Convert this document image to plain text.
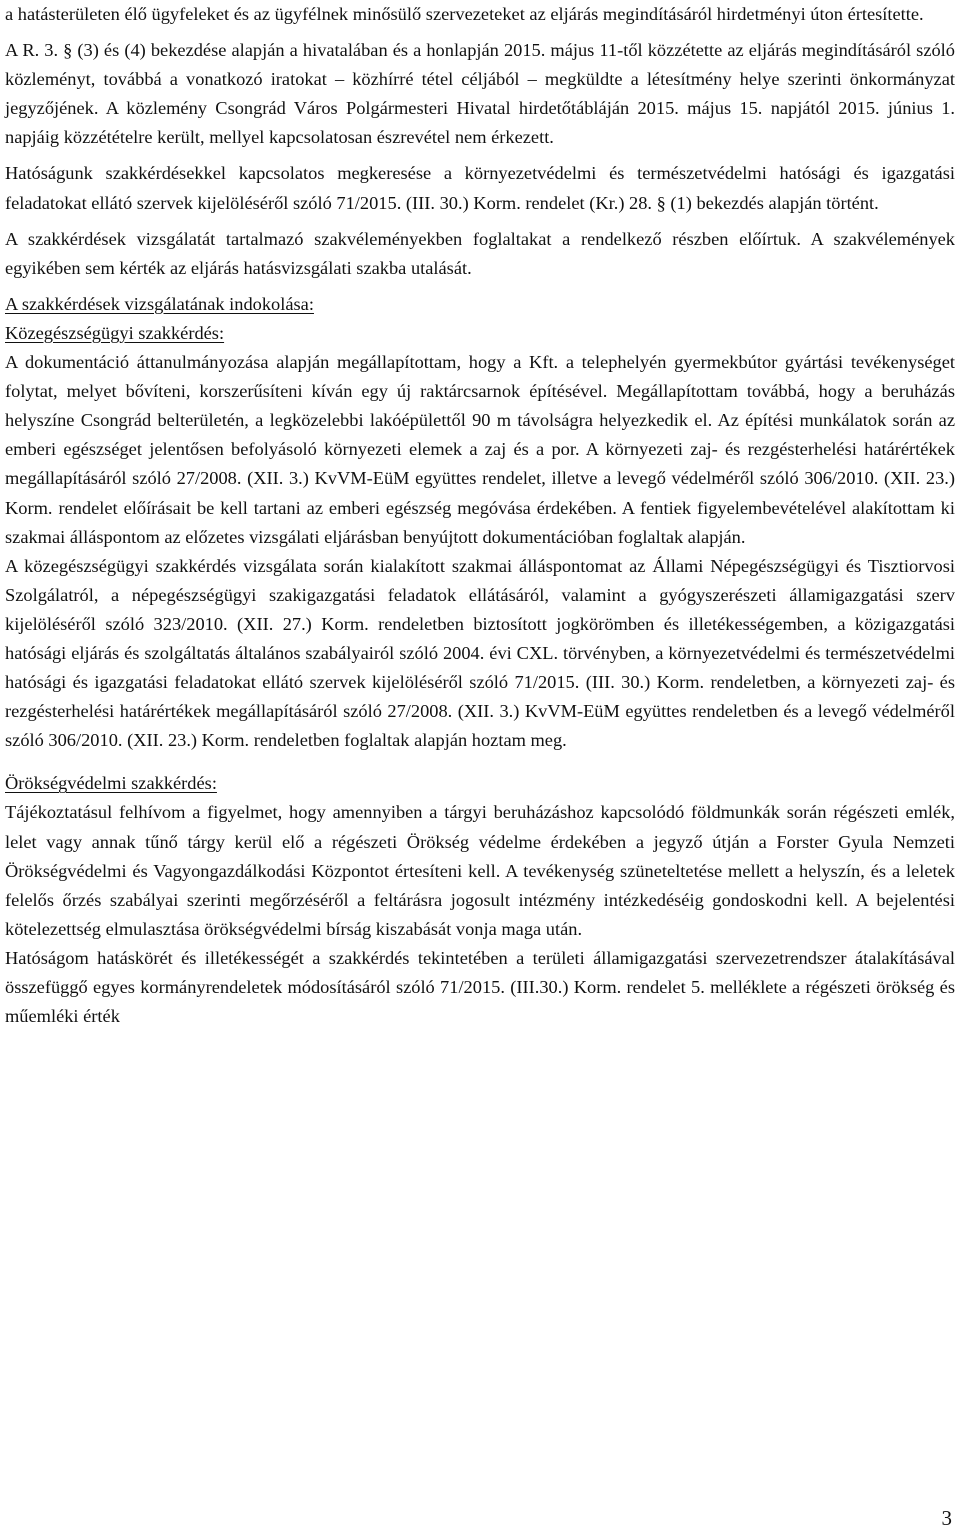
a hatásterületen élő ügyfeleket és az ügyfélnek minősülő szervezeteket az eljárás megindításáról hirdetményi úton értesítette.

A R. 3. § (3) és (4) bekezdése alapján a hivatalában és a honlapján 2015. május 11-től közzétette az eljárás megindításáról szóló közleményt, továbbá a vonatkozó iratokat – közhírré tétel céljából – megküldte a létesítmény helye szerinti önkormányzat jegyzőjének. A közlemény Csongrád Város Polgármesteri Hivatal hirdetőtábláján 2015. május 15. napjától 2015. június 1. napjáig közzétételre került, mellyel kapcsolatosan észrevétel nem érkezett.

Hatóságunk szakkérdésekkel kapcsolatos megkeresése a környezetvédelmi és természetvédelmi hatósági és igazgatási feladatokat ellátó szervek kijelöléséről szóló 71/2015. (III. 30.) Korm. rendelet (Kr.) 28. § (1) bekezdés alapján történt.

A szakkérdések vizsgálatát tartalmazó szakvéleményekben foglaltakat a rendelkező részben előírtuk. A szakvélemények egyikében sem kérték az eljárás hatásvizsgálati szakba utalását.

A szakkérdések vizsgálatának indokolása:

Közegészségügyi szakkérdés:

A dokumentáció áttanulmányozása alapján megállapítottam, hogy a Kft. a telephelyén gyermekbútor gyártási tevékenységet folytat, melyet bővíteni, korszerűsíteni kíván egy új raktárcsarnok építésével. Megállapítottam továbbá, hogy a beruházás helyszíne Csongrád belterületén, a legközelebbi lakóépülettől 90 m távolságra helyezkedik el. Az építési munkálatok során az emberi egészséget jelentősen befolyásoló környezeti elemek a zaj és a por. A környezeti zaj- és rezgésterhelési határértékek megállapításáról szóló 27/2008. (XII. 3.) KvVM-EüM együttes rendelet, illetve a levegő védelméről szóló 306/2010. (XII. 23.) Korm. rendelet előírásait be kell tartani az emberi egészség megóvása érdekében. A fentiek figyelembevételével alakítottam ki szakmai álláspontom az előzetes vizsgálati eljárásban benyújtott dokumentációban foglaltak alapján.

A közegészségügyi szakkérdés vizsgálata során kialakított szakmai álláspontomat az Állami Népegészségügyi és Tisztiorvosi Szolgálatról, a népegészségügyi szakigazgatási feladatok ellátásáról, valamint a gyógyszerészeti államigazgatási szerv kijelöléséről szóló 323/2010. (XII. 27.) Korm. rendeletben biztosított jogkörömben és illetékességemben, a közigazgatási hatósági eljárás és szolgáltatás általános szabályairól szóló 2004. évi CXL. törvényben, a környezetvédelmi és természetvédelmi hatósági és igazgatási feladatokat ellátó szervek kijelöléséről szóló 71/2015. (III. 30.) Korm. rendeletben, a környezeti zaj- és rezgésterhelési határértékek megállapításáról szóló 27/2008. (XII. 3.) KvVM-EüM együttes rendeletben és a levegő védelméről szóló 306/2010. (XII. 23.) Korm. rendeletben foglaltak alapján hoztam meg.

Örökségvédelmi szakkérdés:

Tájékoztatásul felhívom a figyelmet, hogy amennyiben a tárgyi beruházáshoz kapcsolódó földmunkák során régészeti emlék, lelet vagy annak tűnő tárgy kerül elő a régészeti Örökség védelme érdekében a jegyző útján a Forster Gyula Nemzeti Örökségvédelmi és Vagyongazdálkodási Központot értesíteni kell. A tevékenység szüneteltetése mellett a helyszín, és a leletek felelős őrzés szabályai szerinti megőrzéséről a feltárásra jogosult intézmény intézkedéséig gondoskodni kell. A bejelentési kötelezettség elmulasztása örökségvédelmi bírság kiszabását vonja maga után.

Hatóságom hatáskörét és illetékességét a szakkérdés tekintetében a területi államigazgatási szervezetrendszer átalakításával összefüggő egyes kormányrendeletek módosításáról szóló 71/2015. (III.30.) Korm. rendelet 5. melléklete a régészeti örökség és műemléki érték

3
